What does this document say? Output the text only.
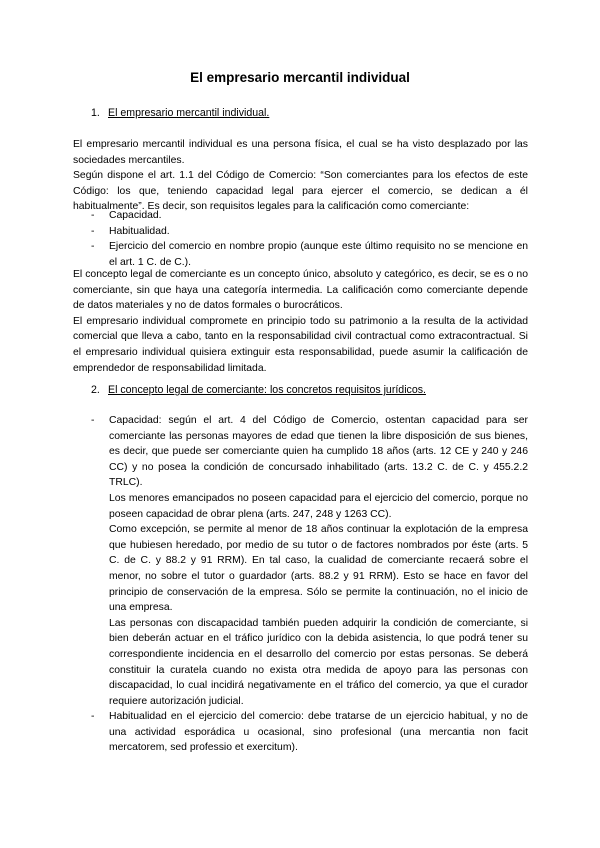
El empresario mercantil individual
1. El empresario mercantil individual.

El empresario mercantil individual es una persona física, el cual se ha visto desplazado por las sociedades mercantiles.

Según dispone el art. 1.1 del Código de Comercio: “Son comerciantes para los efectos de este Código: los que, teniendo capacidad legal para ejercer el comercio, se dedican a él habitualmente”. Es decir, son requisitos legales para la calificación como comerciante:

- Capacidad.
- Habitualidad.
- Ejercicio del comercio en nombre propio (aunque este último requisito no se mencione en el art. 1 C. de C.).

El concepto legal de comerciante es un concepto único, absoluto y categórico, es decir, se es o no comerciante, sin que haya una categoría intermedia. La calificación como comerciante depende de datos materiales y no de datos formales o burocráticos.

El empresario individual compromete en principio todo su patrimonio a la resulta de la actividad comercial que lleva a cabo, tanto en la responsabilidad civil contractual como extracontractual. Si el empresario individual quisiera extinguir esta responsabilidad, puede asumir la calificación de emprendedor de responsabilidad limitada.

2. El concepto legal de comerciante: los concretos requisitos jurídicos.
- Capacidad: según el art. 4 del Código de Comercio, ostentan capacidad para ser comerciante las personas mayores de edad que tienen la libre disposición de sus bienes, es decir, que puede ser comerciante quien ha cumplido 18 años (arts. 12 CE y 240 y 246 CC) y no posea la condición de concursado inhabilitado (arts. 13.2 C. de C. y 455.2.2 TRLC).

Los menores emancipados no poseen capacidad para el ejercicio del comercio, porque no poseen capacidad de obrar plena (arts. 247, 248 y 1263 CC).

Como excepción, se permite al menor de 18 años continuar la explotación de la empresa que hubiesen heredado, por medio de su tutor o de factores nombrados por éste (arts. 5 C. de C. y 88.2 y 91 RRM). En tal caso, la cualidad de comerciante recaerá sobre el menor, no sobre el tutor o guardador (arts. 88.2 y 91 RRM). Esto se hace en favor del principio de conservación de la empresa. Sólo se permite la continuación, no el inicio de una empresa.

Las personas con discapacidad también pueden adquirir la condición de comerciante, si bien deberán actuar en el tráfico jurídico con la debida asistencia, lo que podrá tener su correspondiente incidencia en el desarrollo del comercio por estas personas. Se deberá constituir la curatela cuando no exista otra medida de apoyo para las personas con discapacidad, lo cual incidirá negativamente en el tráfico del comercio, ya que el curador requiere autorización judicial.

- Habitualidad en el ejercicio del comercio: debe tratarse de un ejercicio habitual, y no de una actividad esporádica u ocasional, sino profesional (una mercantia non facit mercatorem, sed professio et exercitum).
